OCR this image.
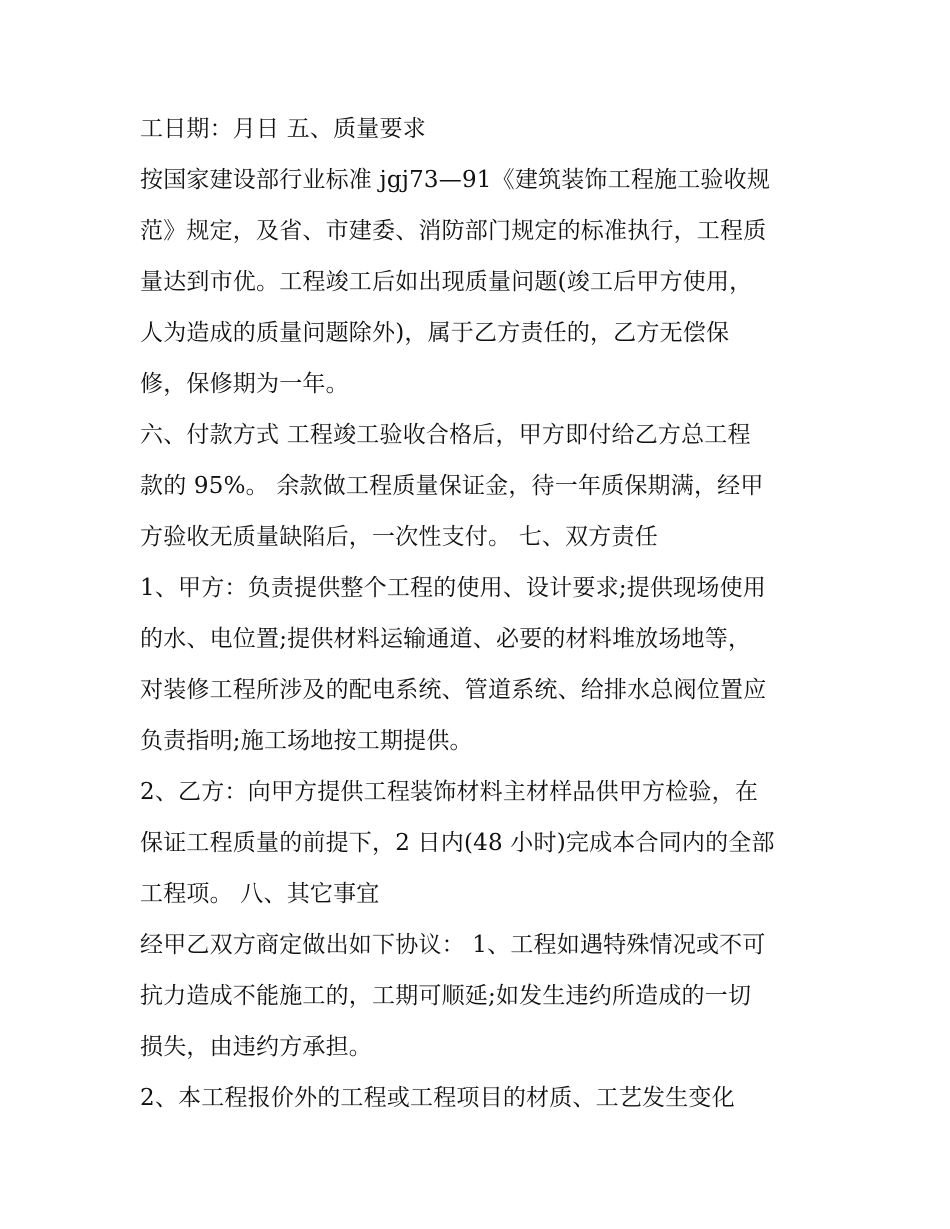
工日期：月日 五、质量要求
按国家建设部行业标准 jgj73—91《建筑装饰工程施工验收规
范》规定，及省、市建委、消防部门规定的标准执行，工程质
量达到市优。工程竣工后如出现质量问题(竣工后甲方使用，
人为造成的质量问题除外)，属于乙方责任的，乙方无偿保
修，保修期为一年。
六、付款方式 工程竣工验收合格后，甲方即付给乙方总工程
款的 95%。 余款做工程质量保证金，待一年质保期满，经甲
方验收无质量缺陷后，一次性支付。 七、双方责任
1、甲方：负责提供整个工程的使用、设计要求;提供现场使用
的水、电位置;提供材料运输通道、必要的材料堆放场地等，
对装修工程所涉及的配电系统、管道系统、给排水总阀位置应
负责指明;施工场地按工期提供。
2、乙方：向甲方提供工程装饰材料主材样品供甲方检验，在
保证工程质量的前提下，2 日内(48 小时)完成本合同内的全部
工程项。 八、其它事宜
经甲乙双方商定做出如下协议： 1、工程如遇特殊情况或不可
抗力造成不能施工的，工期可顺延;如发生违约所造成的一切
损失，由违约方承担。
2、本工程报价外的工程或工程项目的材质、工艺发生变化
